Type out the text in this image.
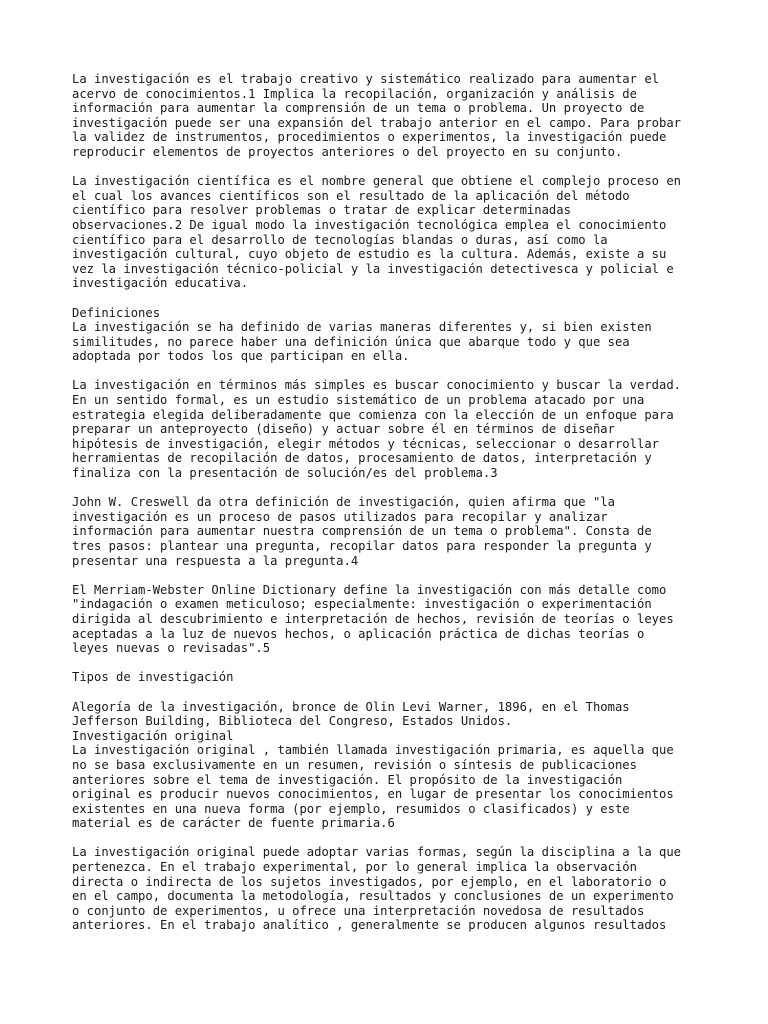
La investigación es el trabajo creativo y sistemático realizado para aumentar el
acervo de conocimientos.1 Implica la recopilación, organización y análisis de
información para aumentar la comprensión de un tema o problema. Un proyecto de
investigación puede ser una expansión del trabajo anterior en el campo. Para probar
la validez de instrumentos, procedimientos o experimentos, la investigación puede
reproducir elementos de proyectos anteriores o del proyecto en su conjunto.
La investigación científica es el nombre general que obtiene el complejo proceso en
el cual los avances científicos son el resultado de la aplicación del método
científico para resolver problemas o tratar de explicar determinadas
observaciones.2 De igual modo la investigación tecnológica emplea el conocimiento
científico para el desarrollo de tecnologías blandas o duras, así como la
investigación cultural, cuyo objeto de estudio es la cultura. Además, existe a su
vez la investigación técnico-policial y la investigación detectivesca y policial e
investigación educativa.
Definiciones
La investigación se ha definido de varias maneras diferentes y, si bien existen
similitudes, no parece haber una definición única que abarque todo y que sea
adoptada por todos los que participan en ella.
La investigación en términos más simples es buscar conocimiento y buscar la verdad.
En un sentido formal, es un estudio sistemático de un problema atacado por una
estrategia elegida deliberadamente que comienza con la elección de un enfoque para
preparar un anteproyecto (diseño) y actuar sobre él en términos de diseñar
hipótesis de investigación, elegir métodos y técnicas, seleccionar o desarrollar
herramientas de recopilación de datos, procesamiento de datos, interpretación y
finaliza con la presentación de solución/es del problema.3
John W. Creswell da otra definición de investigación, quien afirma que "la
investigación es un proceso de pasos utilizados para recopilar y analizar
información para aumentar nuestra comprensión de un tema o problema". Consta de
tres pasos: plantear una pregunta, recopilar datos para responder la pregunta y
presentar una respuesta a la pregunta.4
El Merriam-Webster Online Dictionary define la investigación con más detalle como
"indagación o examen meticuloso; especialmente: investigación o experimentación
dirigida al descubrimiento e interpretación de hechos, revisión de teorías o leyes
aceptadas a la luz de nuevos hechos, o aplicación práctica de dichas teorías o
leyes nuevas o revisadas".5
Tipos de investigación
Alegoría de la investigación, bronce de Olin Levi Warner, 1896, en el Thomas
Jefferson Building, Biblioteca del Congreso, Estados Unidos.
Investigación original
La investigación original , también llamada investigación primaria, es aquella que
no se basa exclusivamente en un resumen, revisión o síntesis de publicaciones
anteriores sobre el tema de investigación. El propósito de la investigación
original es producir nuevos conocimientos, en lugar de presentar los conocimientos
existentes en una nueva forma (por ejemplo, resumidos o clasificados) y este
material es de carácter de fuente primaria.6
La investigación original puede adoptar varias formas, según la disciplina a la que
pertenezca. En el trabajo experimental, por lo general implica la observación
directa o indirecta de los sujetos investigados, por ejemplo, en el laboratorio o
en el campo, documenta la metodología, resultados y conclusiones de un experimento
o conjunto de experimentos, u ofrece una interpretación novedosa de resultados
anteriores. En el trabajo analítico , generalmente se producen algunos resultados
